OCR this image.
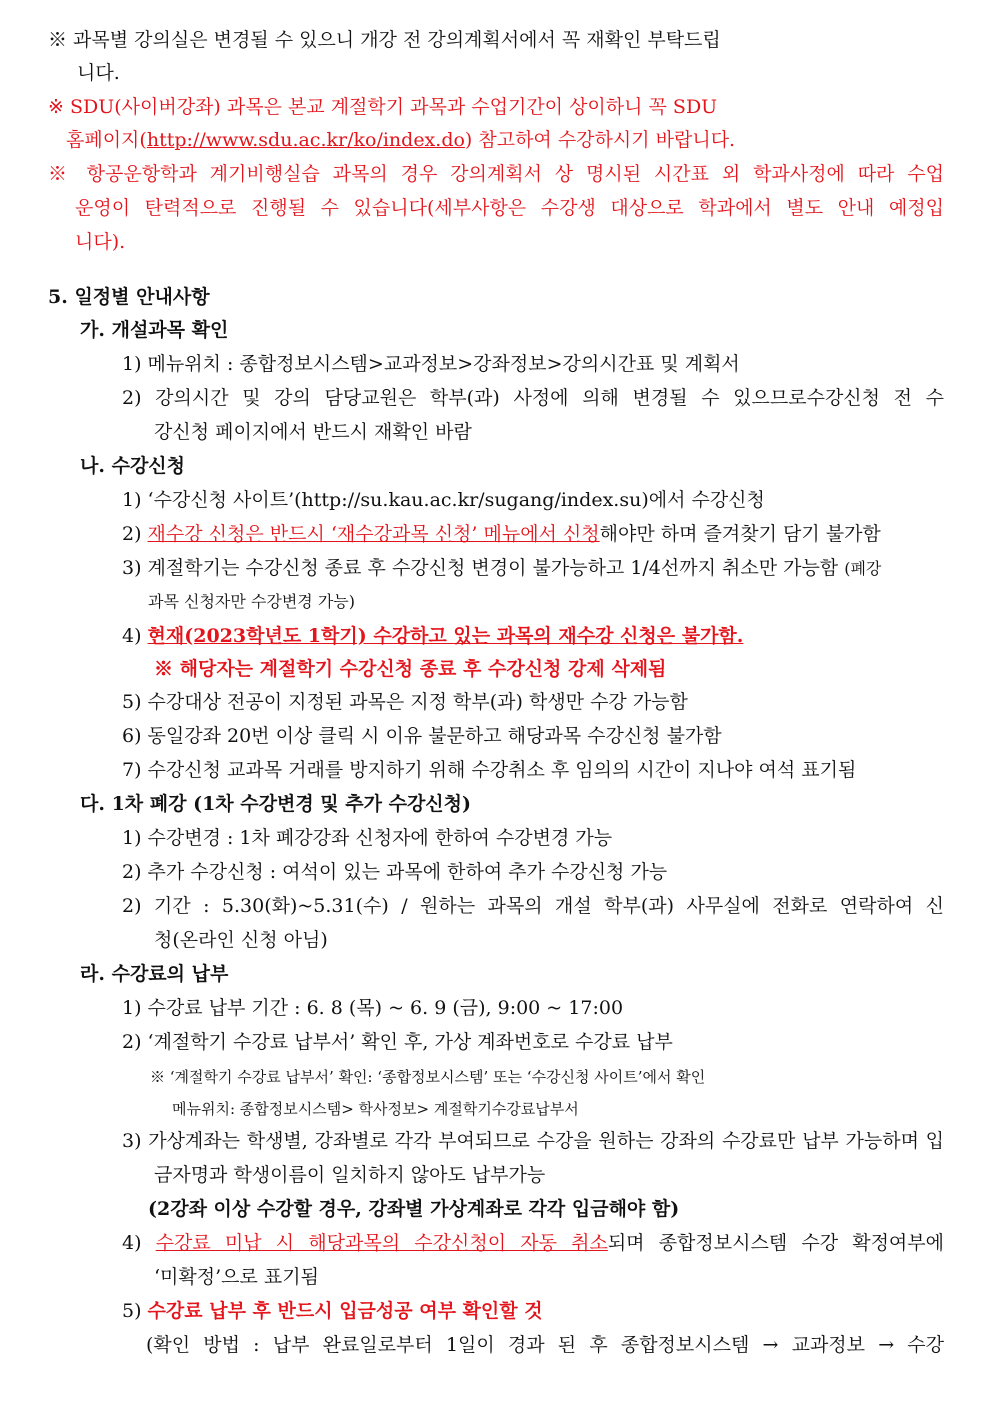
※ 과목별 강의실은 변경될 수 있으니 개강 전 강의계획서에서 꼭 재확인 부탁드립
니다.
※ SDU(사이버강좌) 과목은 본교 계절학기 과목과 수업기간이 상이하니 꼭 SDU
홈페이지(http://www.sdu.ac.kr/ko/index.do) 참고하여 수강하시기 바랍니다.
※ 항공운항학과 계기비행실습 과목의 경우 강의계획서 상 명시된 시간표 외 학과사정에 따라 수업
운영이 탄력적으로 진행될 수 있습니다(세부사항은 수강생 대상으로 학과에서 별도 안내 예정입
니다).
5. 일정별 안내사항
가. 개설과목 확인
1) 메뉴위치 : 종합정보시스템>교과정보>강좌정보>강의시간표 및 계획서
2) 강의시간 및 강의 담당교원은 학부(과) 사정에 의해 변경될 수 있으므로수강신청 전 수
강신청 페이지에서 반드시 재확인 바람
나. 수강신청
1) ‘수강신청 사이트’(http://su.kau.ac.kr/sugang/index.su)에서 수강신청
2) 재수강 신청은 반드시 ‘재수강과목 신청’ 메뉴에서 신청해야만 하며 즐겨찾기 담기 불가함
3) 계절학기는 수강신청 종료 후 수강신청 변경이 불가능하고 1/4선까지 취소만 가능함 (폐강
과목 신청자만 수강변경 가능)
4) 현재(2023학년도 1학기) 수강하고 있는 과목의 재수강 신청은 불가함.
※ 해당자는 계절학기 수강신청 종료 후 수강신청 강제 삭제됨
5) 수강대상 전공이 지정된 과목은 지정 학부(과) 학생만 수강 가능함
6) 동일강좌 20번 이상 클릭 시 이유 불문하고 해당과목 수강신청 불가함
7) 수강신청 교과목 거래를 방지하기 위해 수강취소 후 임의의 시간이 지나야 여석 표기됨
다. 1차 폐강 (1차 수강변경 및 추가 수강신청)
1) 수강변경 : 1차 폐강강좌 신청자에 한하여 수강변경 가능
2) 추가 수강신청 : 여석이 있는 과목에 한하여 추가 수강신청 가능
2) 기간 : 5.30(화)~5.31(수) / 원하는 과목의 개설 학부(과) 사무실에 전화로 연락하여 신
청(온라인 신청 아님)
라. 수강료의 납부
1) 수강료 납부 기간 : 6. 8 (목) ~ 6. 9 (금), 9:00 ~ 17:00
2) ‘계절학기 수강료 납부서’ 확인 후, 가상 계좌번호로 수강료 납부
※ ‘계절학기 수강료 납부서’ 확인: ‘종합정보시스템’ 또는 ‘수강신청 사이트’에서 확인
메뉴위치: 종합정보시스템> 학사정보> 계절학기수강료납부서
3) 가상계좌는 학생별, 강좌별로 각각 부여되므로 수강을 원하는 강좌의 수강료만 납부 가능하며 입
금자명과 학생이름이 일치하지 않아도 납부가능
(2강좌 이상 수강할 경우, 강좌별 가상계좌로 각각 입금해야 함)
4) 수강료 미납 시 해당과목의 수강신청이 자동 취소되며 종합정보시스템 수강 확정여부에
‘미확정’으로 표기됨
5) 수강료 납부 후 반드시 입금성공 여부 확인할 것
(확인 방법 : 납부 완료일로부터 1일이 경과 된 후 종합정보시스템 → 교과정보 → 수강
